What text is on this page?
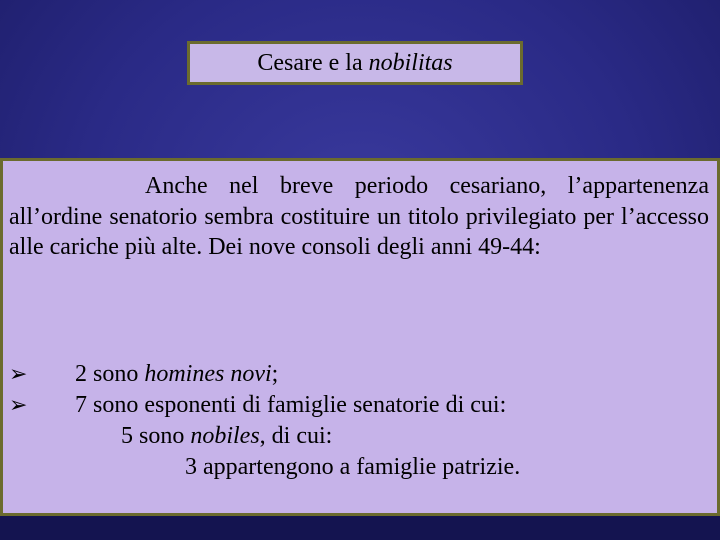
Cesare e la nobilitas
Anche nel breve periodo cesariano, l’appartenenza all’ordine senatorio sembra costituire un titolo privilegiato per l’accesso alle cariche più alte. Dei nove consoli degli anni 49-44:
➢	2 sono homines novi;
➢	7 sono esponenti di famiglie senatorie di cui:
5 sono nobiles, di cui:
3 appartengono a famiglie patrizie.
